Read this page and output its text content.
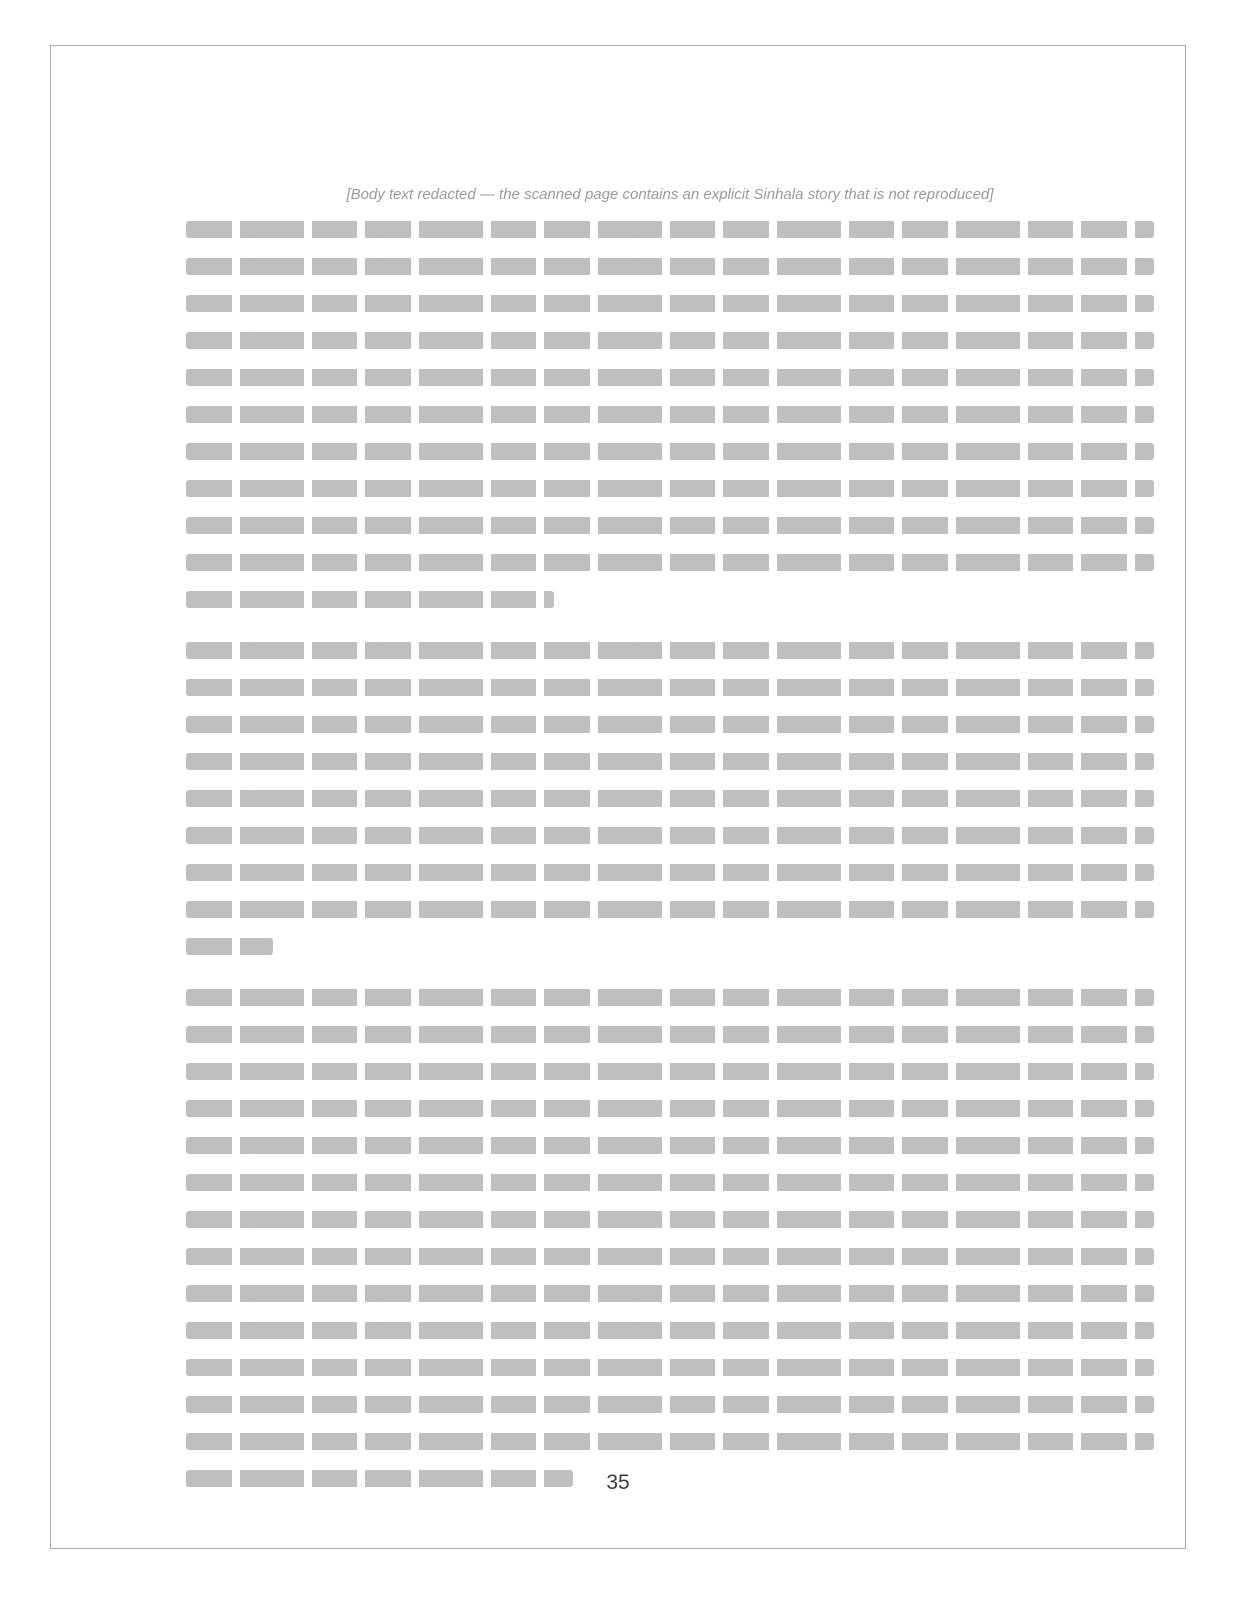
[Body text redacted — the scanned page contains an explicit Sinhala story that is not reproduced]

35
